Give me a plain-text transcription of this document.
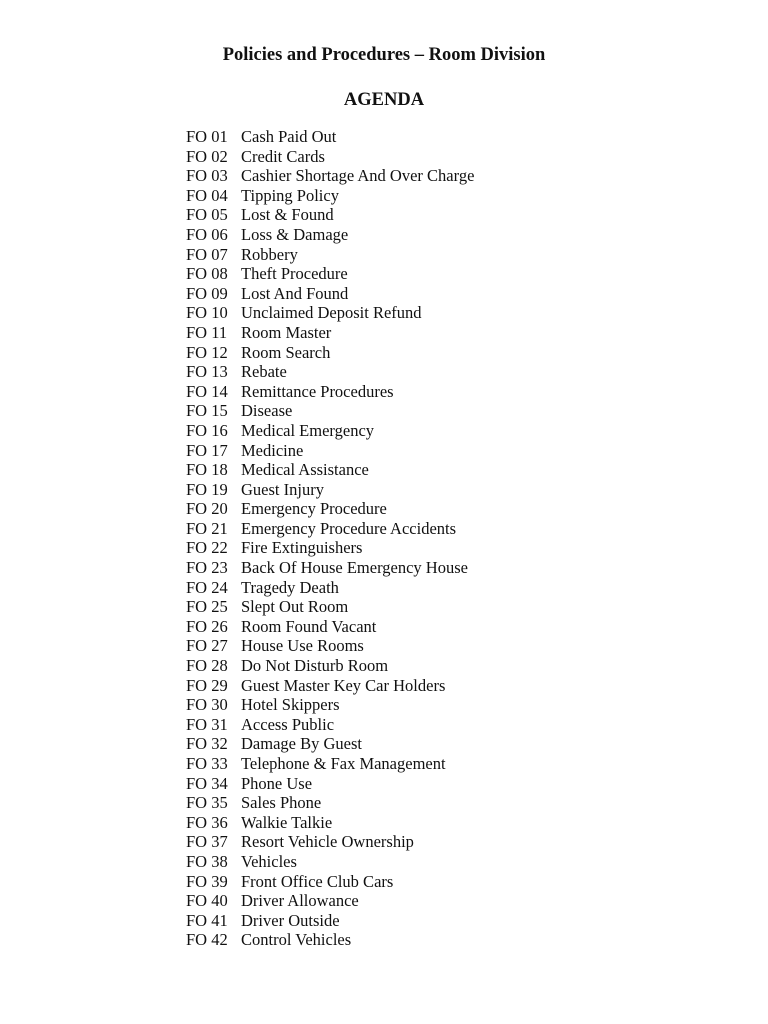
Policies and Procedures – Room Division
AGENDA
FO 01 Cash Paid Out
FO 02 Credit Cards
FO 03 Cashier Shortage And Over Charge
FO 04 Tipping Policy
FO 05 Lost & Found
FO 06 Loss & Damage
FO 07 Robbery
FO 08 Theft Procedure
FO 09 Lost And Found
FO 10 Unclaimed Deposit Refund
FO 11 Room Master
FO 12 Room Search
FO 13 Rebate
FO 14 Remittance Procedures
FO 15 Disease
FO 16 Medical Emergency
FO 17 Medicine
FO 18 Medical Assistance
FO 19 Guest Injury
FO 20 Emergency Procedure
FO 21 Emergency Procedure Accidents
FO 22 Fire Extinguishers
FO 23 Back Of House Emergency House
FO 24 Tragedy Death
FO 25 Slept Out Room
FO 26 Room Found Vacant
FO 27 House Use Rooms
FO 28 Do Not Disturb Room
FO 29 Guest Master Key Car Holders
FO 30 Hotel Skippers
FO 31 Access Public
FO 32 Damage By Guest
FO 33 Telephone & Fax Management
FO 34 Phone Use
FO 35 Sales Phone
FO 36 Walkie Talkie
FO 37 Resort Vehicle Ownership
FO 38 Vehicles
FO 39 Front Office Club Cars
FO 40 Driver Allowance
FO 41 Driver Outside
FO 42 Control Vehicles
